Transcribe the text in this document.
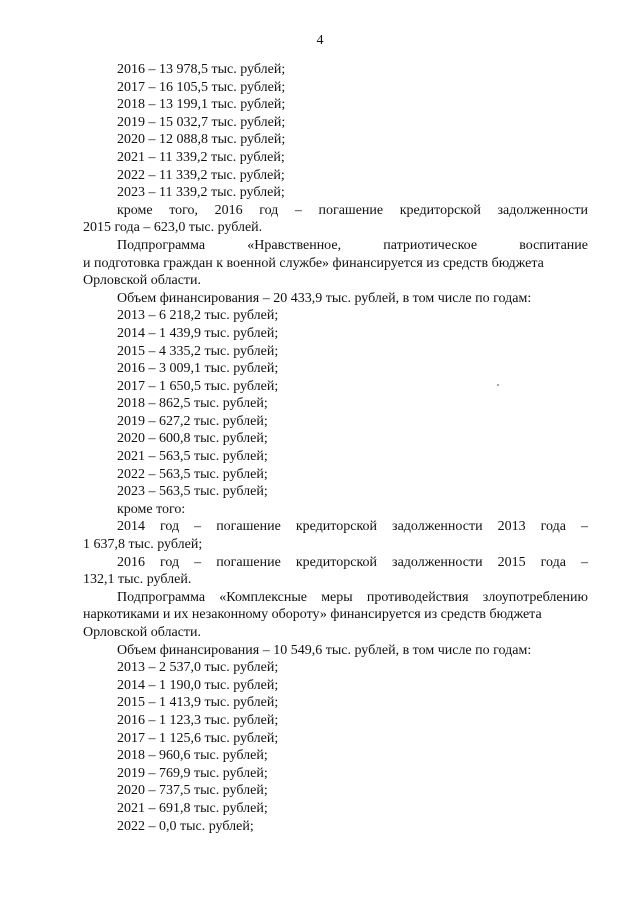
4

2016 – 13 978,5 тыс. рублей;

2017 – 16 105,5 тыс. рублей;

2018 – 13 199,1 тыс. рублей;

2019 – 15 032,7 тыс. рублей;

2020 – 12 088,8 тыс. рублей;

2021 – 11 339,2 тыс. рублей;

2022 – 11 339,2 тыс. рублей;

2023 – 11 339,2 тыс. рублей;

кроме того, 2016 год – погашение кредиторской задолженности

2015 года – 623,0 тыс. рублей.

Подпрограмма «Нравственное, патриотическое воспитание

и подготовка граждан к военной службе» финансируется из средств бюджета

Орловской области.

Объем финансирования – 20 433,9 тыс. рублей, в том числе по годам:

2013 – 6 218,2 тыс. рублей;

2014 – 1 439,9 тыс. рублей;

2015 – 4 335,2 тыс. рублей;

2016 – 3 009,1 тыс. рублей;

2017 – 1 650,5 тыс. рублей;

2018 – 862,5 тыс. рублей;

2019 – 627,2 тыс. рублей;

2020 – 600,8 тыс. рублей;

2021 – 563,5 тыс. рублей;

2022 – 563,5 тыс. рублей;

2023 – 563,5 тыс. рублей;

кроме того:

2014 год – погашение кредиторской задолженности 2013 года –

1 637,8 тыс. рублей;

2016 год – погашение кредиторской задолженности 2015 года –

132,1 тыс. рублей.

Подпрограмма «Комплексные меры противодействия злоупотреблению

наркотиками и их незаконному обороту» финансируется из средств бюджета

Орловской области.

Объем финансирования – 10 549,6 тыс. рублей, в том числе по годам:

2013 – 2 537,0 тыс. рублей;

2014 – 1 190,0 тыс. рублей;

2015 – 1 413,9 тыс. рублей;

2016 – 1 123,3 тыс. рублей;

2017 – 1 125,6 тыс. рублей;

2018 – 960,6 тыс. рублей;

2019 – 769,9 тыс. рублей;

2020 – 737,5 тыс. рублей;

2021 – 691,8 тыс. рублей;

2022 – 0,0 тыс. рублей;
